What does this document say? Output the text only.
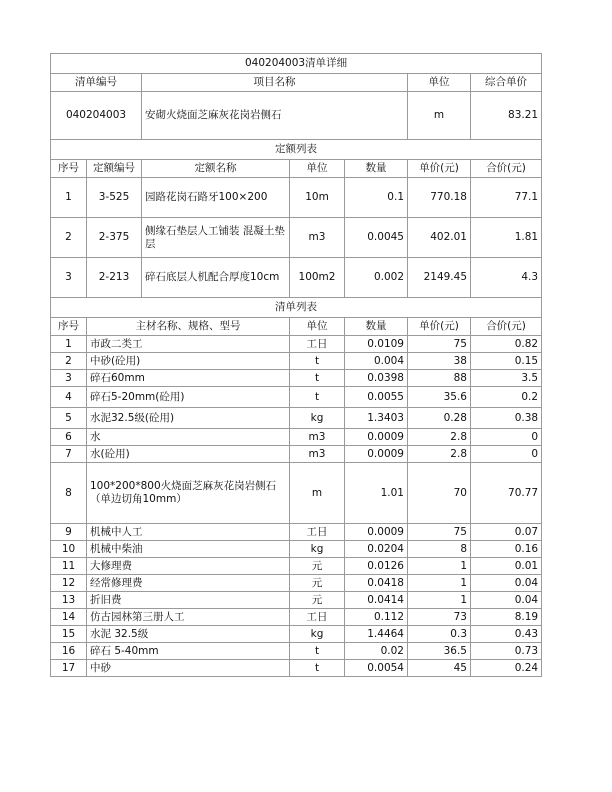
040204003清单详细						
清单编号		项目名称			单位	综合单价
040204003		安砌火烧面芝麻灰花岗岩侧石			m	83.21
定额列表						
序号	定额编号	定额名称	单位	数量	单价(元)	合价(元)
1	3-525	园路花岗石路牙100×200	10m	0.1	770.18	77.1
2	2-375	侧缘石垫层人工铺装 混凝土垫层	m3	0.0045	402.01	1.81
3	2-213	碎石底层人机配合厚度10cm	100m2	0.002	2149.45	4.3
清单列表						
序号	主材名称、规格、型号		单位	数量	单价(元)	合价(元)
1	市政二类工		工日	0.0109	75	0.82
2	中砂(砼用)		t	0.004	38	0.15
3	碎石60mm		t	0.0398	88	3.5
4	碎石5-20mm(砼用)		t	0.0055	35.6	0.2
5	水泥32.5级(砼用)		kg	1.3403	0.28	0.38
6	水		m3	0.0009	2.8	0
7	水(砼用)		m3	0.0009	2.8	0
8	100*200*800火烧面芝麻灰花岗岩侧石（单边切角10mm）		m	1.01	70	70.77
9	机械中人工		工日	0.0009	75	0.07
10	机械中柴油		kg	0.0204	8	0.16
11	大修理费		元	0.0126	1	0.01
12	经常修理费		元	0.0418	1	0.04
13	折旧费		元	0.0414	1	0.04
14	仿古园林第三册人工		工日	0.112	73	8.19
15	水泥 32.5级		kg	1.4464	0.3	0.43
16	碎石 5-40mm		t	0.02	36.5	0.73
17	中砂		t	0.0054	45	0.24
